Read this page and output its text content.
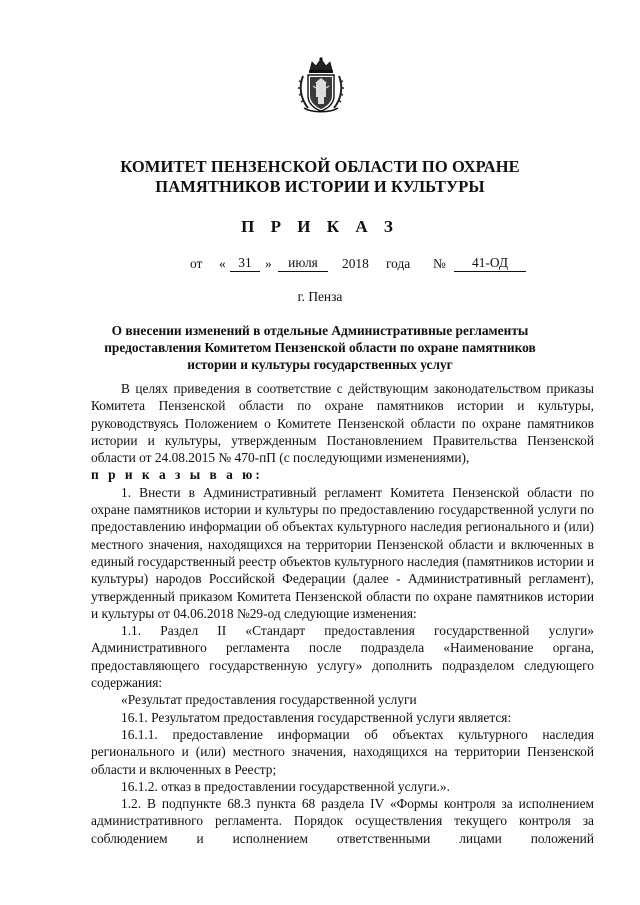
КОМИТЕТ ПЕНЗЕНСКОЙ ОБЛАСТИ ПО ОХРАНЕ
ПАМЯТНИКОВ ИСТОРИИ И КУЛЬТУРЫ
П Р И К А З
от « 31 »	июля	2018 года №	41-ОД
г. Пенза
О внесении изменений в отдельные Административные регламенты
предоставления Комитетом Пензенской области по охране памятников
истории и культуры государственных услуг

В целях приведения в соответствие с действующим законодательством приказы Комитета Пензенской области по охране памятников истории и культуры, руководствуясь Положением о Комитете Пензенской области по охране памятников истории и культуры, утвержденным Постановлением Правительства Пензенской области от 24.08.2015 № 470-пП (с последующими изменениями),

п р и к а з ы в а ю:

1. Внести в Административный регламент Комитета Пензенской области по охране памятников истории и культуры по предоставлению государственной услуги по предоставлению информации об объектах культурного наследия регионального и (или) местного значения, находящихся на территории Пензенской области и включенных в единый государственный реестр объектов культурного наследия (памятников истории и культуры) народов Российской Федерации (далее - Административный регламент), утвержденный приказом Комитета Пензенской области по охране памятников истории и культуры от 04.06.2018 №29-од следующие изменения:

1.1. Раздел II «Стандарт предоставления государственной услуги» Административного регламента после подраздела «Наименование органа, предоставляющего государственную услугу» дополнить подразделом следующего содержания:

«Результат предоставления государственной услуги

16.1. Результатом предоставления государственной услуги является:

16.1.1. предоставление информации об объектах культурного наследия регионального и (или) местного значения, находящихся на территории Пензенской области и включенных в Реестр;

16.1.2. отказ в предоставлении государственной услуги.».

1.2. В подпункте 68.3 пункта 68 раздела IV «Формы контроля за исполнением административного регламента. Порядок осуществления текущего контроля за соблюдением и исполнением ответственными лицами положений
